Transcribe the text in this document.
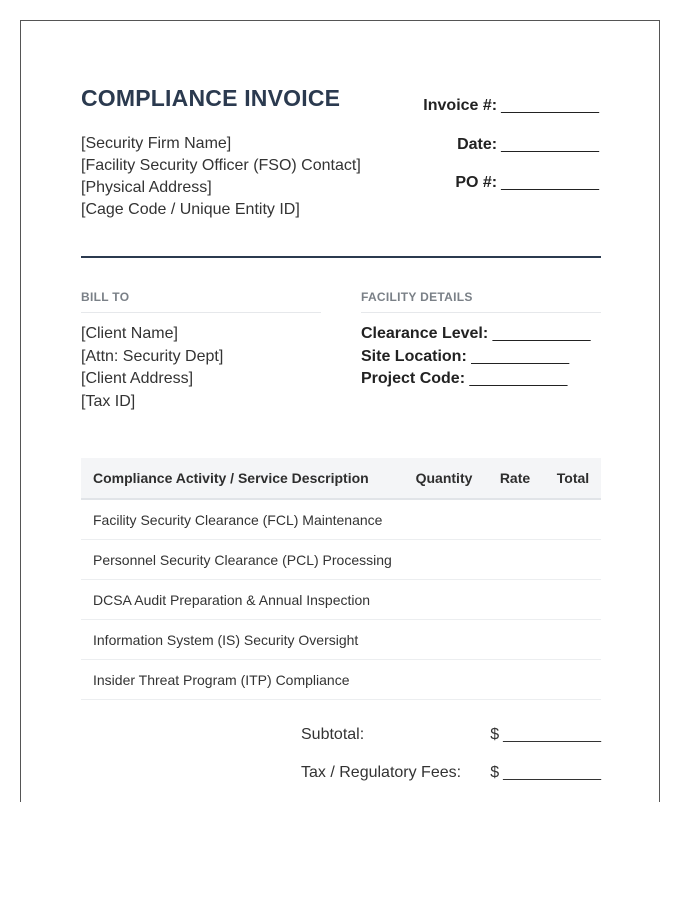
COMPLIANCE INVOICE
[Security Firm Name]
[Facility Security Officer (FSO) Contact]
[Physical Address]
[Cage Code / Unique Entity ID]
Invoice #: ___________
Date: ___________
PO #: ___________
BILL TO	FACILITY DETAILS
[Client Name]
[Attn: Security Dept]
[Client Address]
[Tax ID]
Clearance Level: ___________
Site Location: ___________
Project Code: ___________
Compliance Activity / Service Description	Quantity	Rate	Total
Facility Security Clearance (FCL) Maintenance
Personnel Security Clearance (PCL) Processing
DCSA Audit Preparation & Annual Inspection
Information System (IS) Security Oversight
Insider Threat Program (ITP) Compliance
Subtotal:	$ ___________
Tax / Regulatory Fees:	$ ___________
